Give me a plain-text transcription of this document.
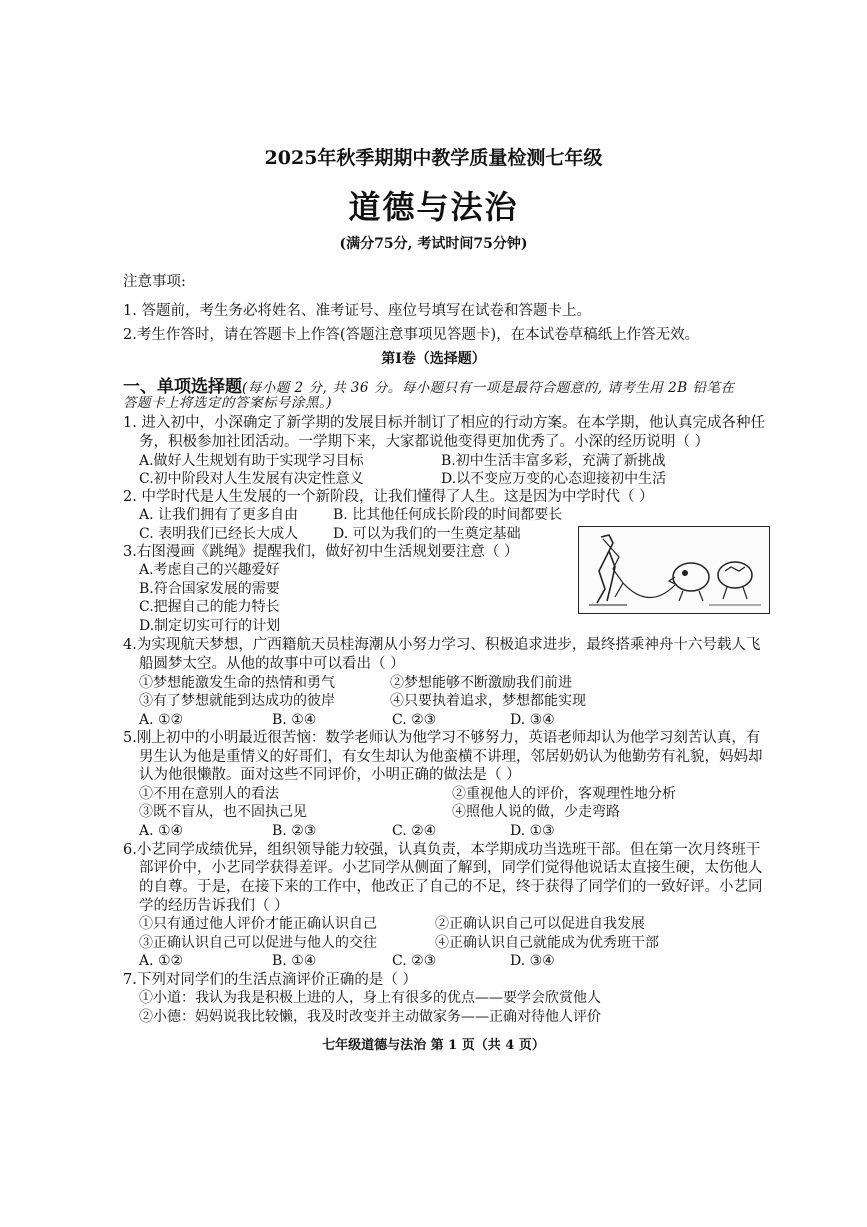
2025年秋季期期中教学质量检测七年级
道德与法治
(满分75分, 考试时间75分钟)
注意事项:
1. 答题前，考生务必将姓名、准考证号、座位号填写在试卷和答题卡上。
2.考生作答时，请在答题卡上作答(答题注意事项见答题卡)，在本试卷草稿纸上作答无效。
第Ⅰ卷（选择题）
一、单项选择题(每小题 2 分, 共 36 分。每小题只有一项是最符合题意的, 请考生用 2B 铅笔在
答题卡上将选定的答案标号涂黑。)
1. 进入初中，小深确定了新学期的发展目标并制订了相应的行动方案。在本学期，他认真完成各种任
务，积极参加社团活动。一学期下来，大家都说他变得更加优秀了。小深的经历说明（ ）
A.做好人生规划有助于实现学习目标	B.初中生活丰富多彩，充满了新挑战
C.初中阶段对人生发展有决定性意义	D.以不变应万变的心态迎接初中生活
2. 中学时代是人生发展的一个新阶段，让我们懂得了人生。这是因为中学时代（ ）
A. 让我们拥有了更多自由 B. 比其他任何成长阶段的时间都要长
C. 表明我们已经长大成人 D. 可以为我们的一生奠定基础
3.右图漫画《跳绳》提醒我们，做好初中生活规划要注意（ ）
A.考虑自己的兴趣爱好
B.符合国家发展的需要
C.把握自己的能力特长
D.制定切实可行的计划
4.为实现航天梦想，广西籍航天员桂海潮从小努力学习、积极追求进步，最终搭乘神舟十六号载人飞
船圆梦太空。从他的故事中可以看出（ ）
①梦想能激发生命的热情和勇气	②梦想能够不断激励我们前进
③有了梦想就能到达成功的彼岸	④只要执着追求，梦想都能实现
A. ①②	B. ①④	C. ②③	D. ③④
5.刚上初中的小明最近很苦恼：数学老师认为他学习不够努力，英语老师却认为他学习刻苦认真，有
男生认为他是重情义的好哥们，有女生却认为他蛮横不讲理，邻居奶奶认为他勤劳有礼貌，妈妈却
认为他很懒散。面对这些不同评价，小明正确的做法是（ ）
①不用在意别人的看法	②重视他人的评价，客观理性地分析
③既不盲从，也不固执己见	④照他人说的做，少走弯路
A. ①④	B. ②③	C. ②④	D. ①③
6.小艺同学成绩优异，组织领导能力较强，认真负责，本学期成功当选班干部。但在第一次月终班干
部评价中，小艺同学获得差评。小艺同学从侧面了解到，同学们觉得他说话太直接生硬，太伤他人
的自尊。于是，在接下来的工作中，他改正了自己的不足，终于获得了同学们的一致好评。小艺同
学的经历告诉我们（ ）
①只有通过他人评价才能正确认识自己	②正确认识自己可以促进自我发展
③正确认识自己可以促进与他人的交往	④正确认识自己就能成为优秀班干部
A. ①②	B. ①④	C. ②③	D. ③④
7.下列对同学们的生活点滴评价正确的是（ ）
①小道：我认为我是积极上进的人，身上有很多的优点——要学会欣赏他人
②小德：妈妈说我比较懒，我及时改变并主动做家务——正确对待他人评价
七年级道德与法治 第 1 页（共 4 页）
